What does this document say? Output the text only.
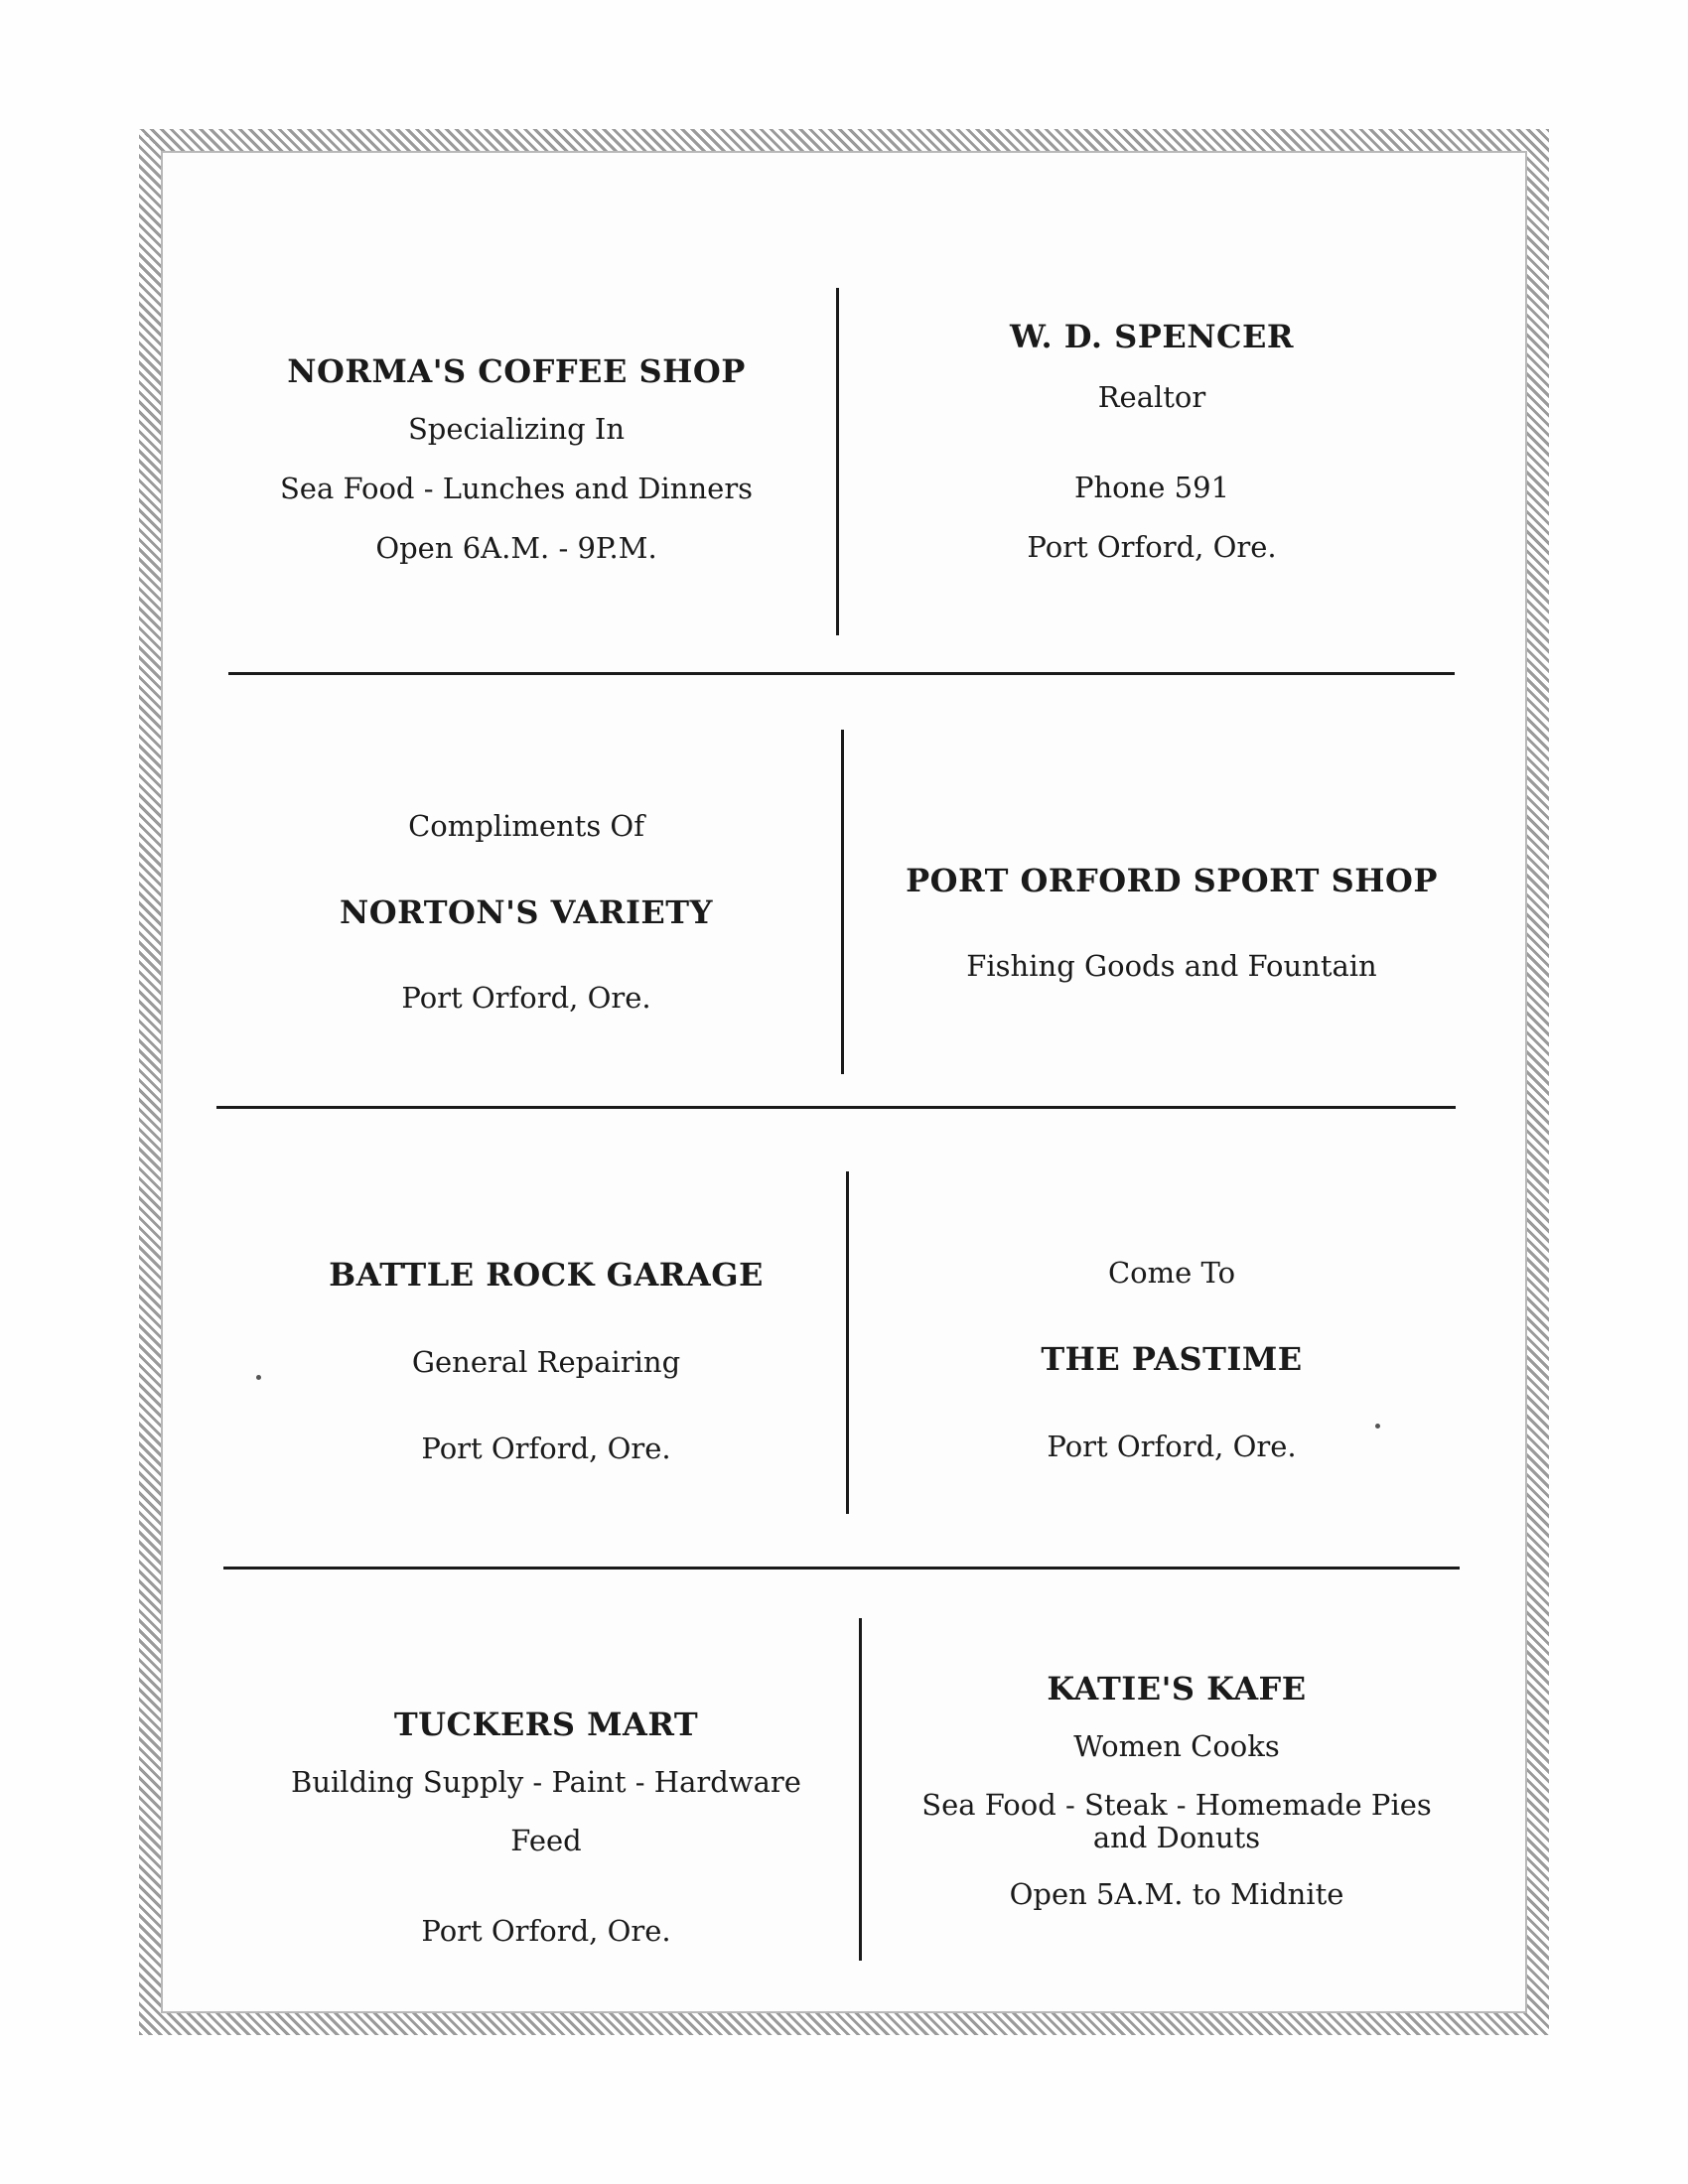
NORMA'S COFFEE SHOP
Specializing In
Sea Food - Lunches and Dinners
Open 6A.M. - 9P.M.
W. D. SPENCER
Realtor
Phone 591
Port Orford, Ore.
Compliments Of
NORTON'S VARIETY
Port Orford, Ore.
PORT ORFORD SPORT SHOP
Fishing Goods and Fountain
BATTLE ROCK GARAGE
General Repairing
Port Orford, Ore.
Come To
THE PASTIME
Port Orford, Ore.
TUCKERS MART
Building Supply - Paint - Hardware
Feed
Port Orford, Ore.
KATIE'S KAFE
Women Cooks
Sea Food - Steak - Homemade Pies
and Donuts
Open 5A.M. to Midnite
